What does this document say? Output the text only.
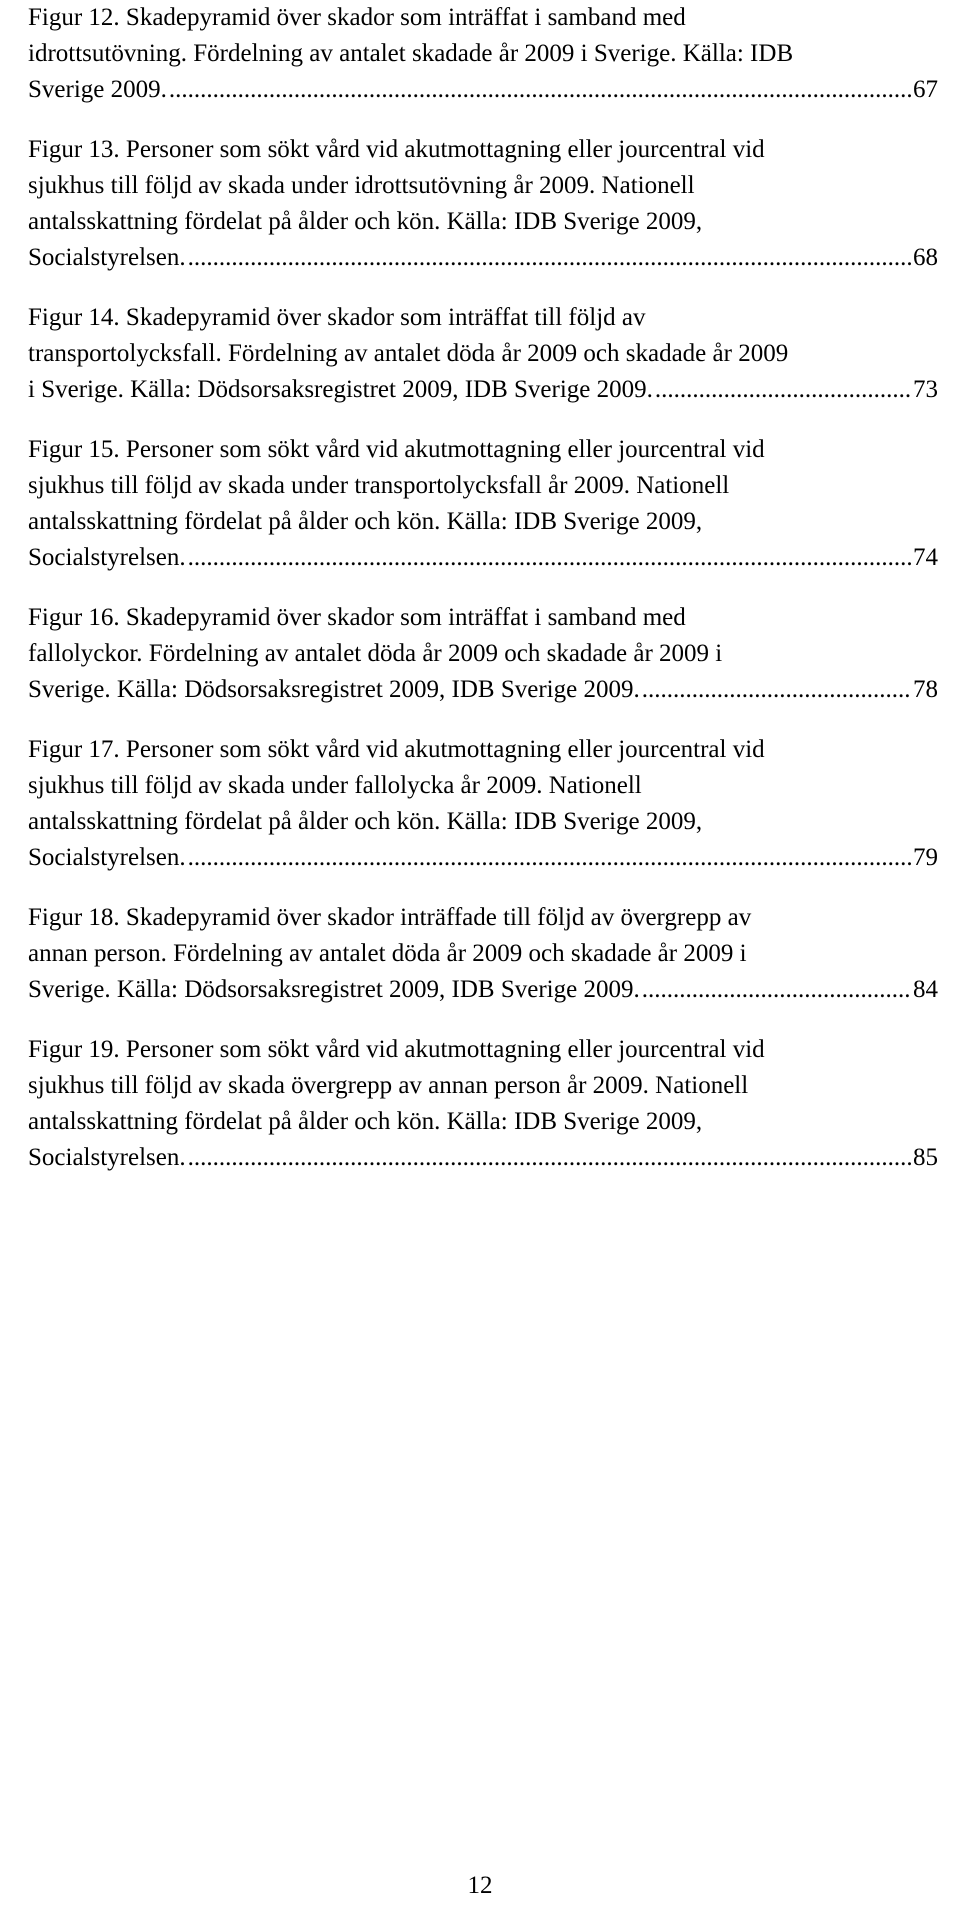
Figur 12. Skadepyramid över skador som inträffat i samband med
idrottsutövning. Fördelning av antalet skadade år 2009 i Sverige. Källa: IDB
Sverige 2009. .....	67
Figur 13. Personer som sökt vård vid akutmottagning eller jourcentral vid
sjukhus till följd av skada under idrottsutövning år 2009. Nationell
antalsskattning fördelat på ålder och kön. Källa: IDB Sverige 2009,
Socialstyrelsen. .....	68
Figur 14. Skadepyramid över skador som inträffat till följd av
transportolycksfall. Fördelning av antalet döda år 2009 och skadade år 2009
i Sverige. Källa: Dödsorsaksregistret 2009, IDB Sverige 2009. .....	73
Figur 15. Personer som sökt vård vid akutmottagning eller jourcentral vid
sjukhus till följd av skada under transportolycksfall år 2009. Nationell
antalsskattning fördelat på ålder och kön. Källa: IDB Sverige 2009,
Socialstyrelsen. .....	74
Figur 16. Skadepyramid över skador som inträffat i samband med
fallolyckor. Fördelning av antalet döda år 2009 och skadade år 2009 i
Sverige. Källa: Dödsorsaksregistret 2009, IDB Sverige 2009. .....	78
Figur 17. Personer som sökt vård vid akutmottagning eller jourcentral vid
sjukhus till följd av skada under fallolycka år 2009. Nationell
antalsskattning fördelat på ålder och kön. Källa: IDB Sverige 2009,
Socialstyrelsen. .....	79
Figur 18. Skadepyramid över skador inträffade till följd av övergrepp av
annan person. Fördelning av antalet döda år 2009 och skadade år 2009 i
Sverige. Källa: Dödsorsaksregistret 2009, IDB Sverige 2009. .....	84
Figur 19. Personer som sökt vård vid akutmottagning eller jourcentral vid
sjukhus till följd av skada övergrepp av annan person år 2009. Nationell
antalsskattning fördelat på ålder och kön. Källa: IDB Sverige 2009,
Socialstyrelsen. .....	85
12
